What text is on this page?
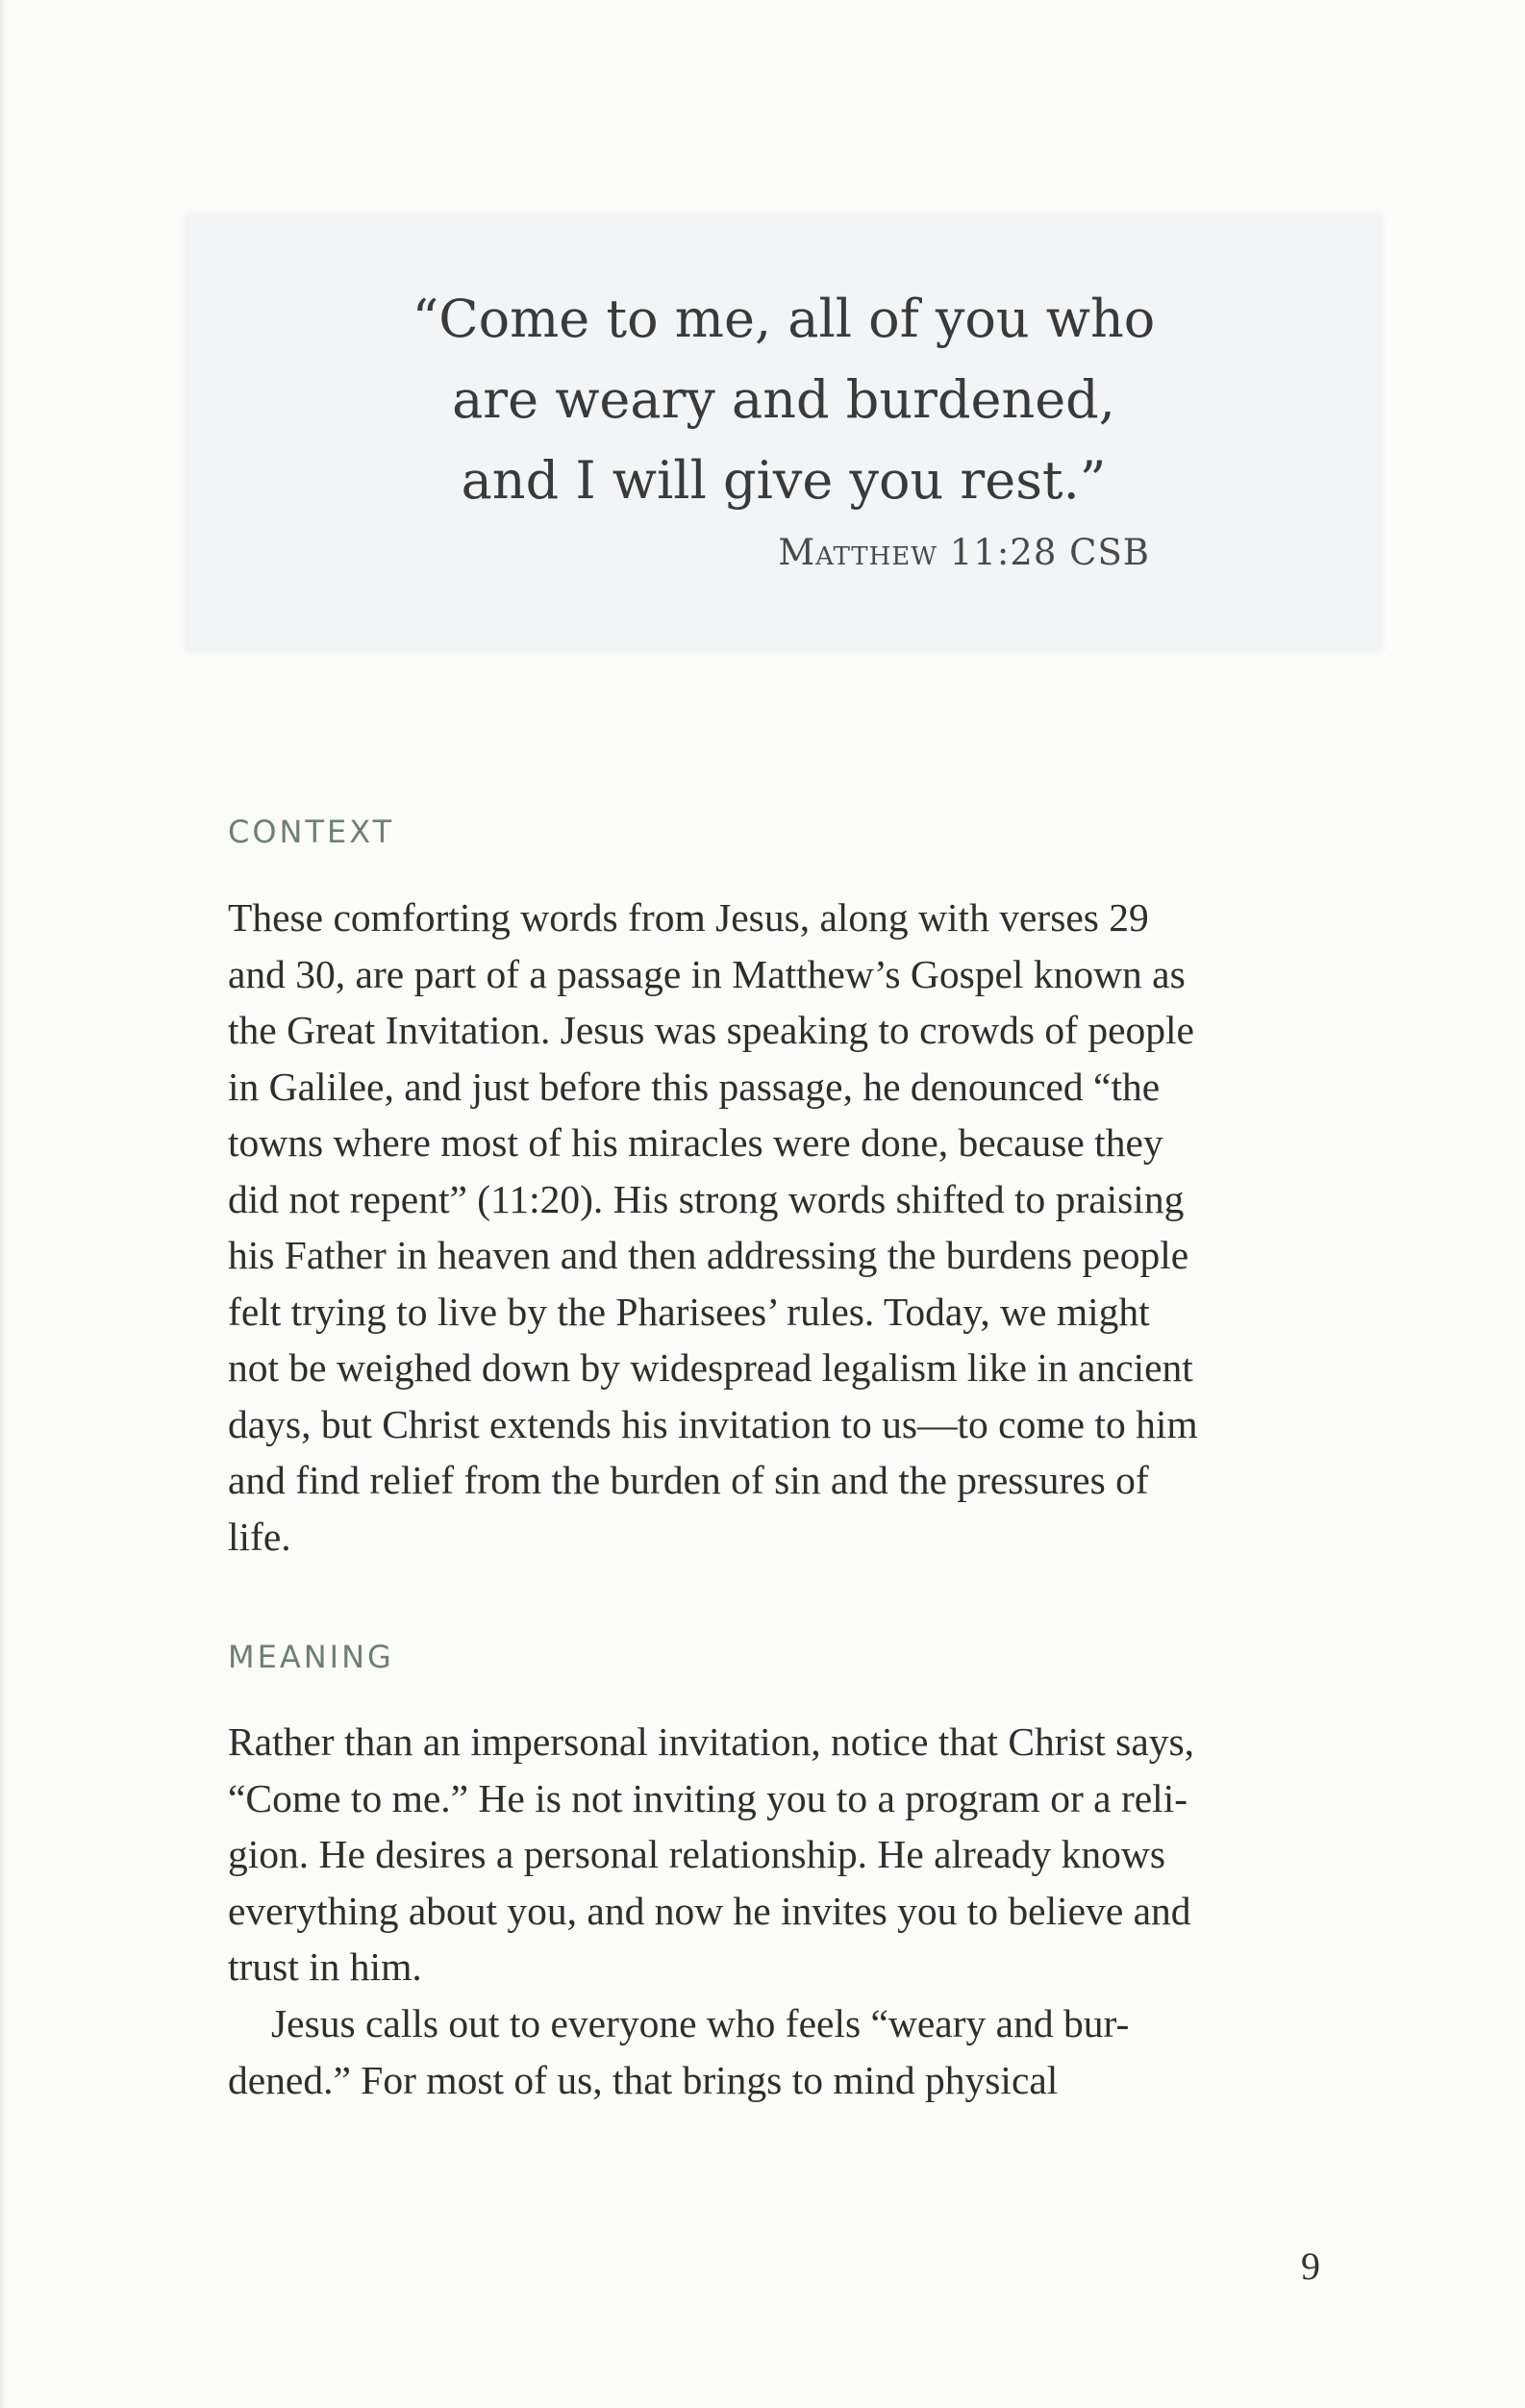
“Come to me, all of you who
are weary and burdened,
and I will give you rest.”
Matthew 11:28 CSB
CONTEXT

These comforting words from Jesus, along with verses 29
and 30, are part of a passage in Matthew’s Gospel known as
the Great Invitation. Jesus was speaking to crowds of people
in Galilee, and just before this passage, he denounced “the
towns where most of his miracles were done, because they
did not repent” (11:20). His strong words shifted to praising
his Father in heaven and then addressing the burdens people
felt trying to live by the Pharisees’ rules. Today, we might
not be weighed down by widespread legalism like in ancient
days, but Christ extends his invitation to us—to come to him
and find relief from the burden of sin and the pressures of
life.

MEANING

Rather than an impersonal invitation, notice that Christ says,
“Come to me.” He is not inviting you to a program or a reli-
gion. He desires a personal relationship. He already knows
everything about you, and now he invites you to believe and
trust in him.

Jesus calls out to everyone who feels “weary and bur-
dened.” For most of us, that brings to mind physical

9
